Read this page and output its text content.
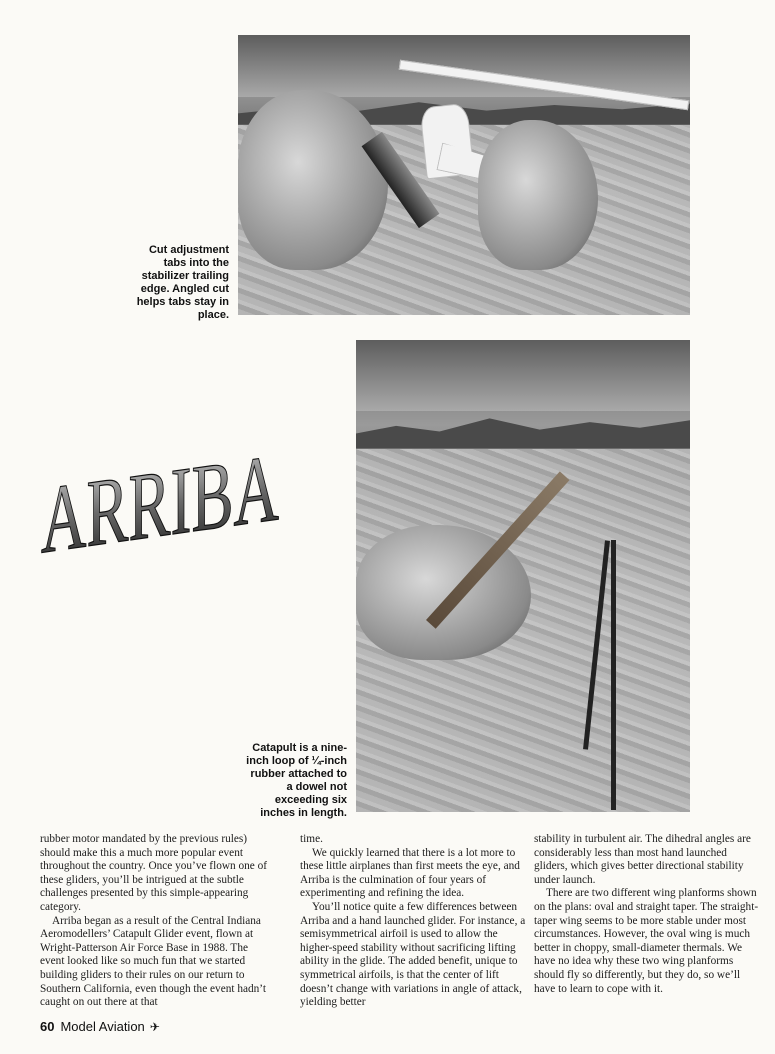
Cut adjustment tabs into the stabilizer trailing edge. Angled cut helps tabs stay in place.
Catapult is a nine-inch loop of ¼-inch rubber attached to a dowel not exceeding six inches in length.
ARRIBA

rubber motor mandated by the previous rules) should make this a much more popular event throughout the country. Once you’ve flown one of these gliders, you’ll be intrigued at the subtle challenges presented by this simple-appearing category.

Arriba began as a result of the Central Indiana Aeromodellers’ Catapult Glider event, flown at Wright-Patterson Air Force Base in 1988. The event looked like so much fun that we started building gliders to their rules on our return to Southern California, even though the event hadn’t caught on out there at that

time.

We quickly learned that there is a lot more to these little airplanes than first meets the eye, and Arriba is the culmination of four years of experimenting and refining the idea.

You’ll notice quite a few differences between Arriba and a hand launched glider. For instance, a semisymmetrical airfoil is used to allow the higher-speed stability without sacrificing lifting ability in the glide. The added benefit, unique to symmetrical airfoils, is that the center of lift doesn’t change with variations in angle of attack, yielding better

stability in turbulent air. The dihedral angles are considerably less than most hand launched gliders, which gives better directional stability under launch.

There are two different wing planforms shown on the plans: oval and straight taper. The straight-taper wing seems to be more stable under most circumstances. However, the oval wing is much better in choppy, small-diameter thermals. We have no idea why these two wing planforms should fly so differently, but they do, so we’ll have to learn to cope with it.

60 Model Aviation ✈
